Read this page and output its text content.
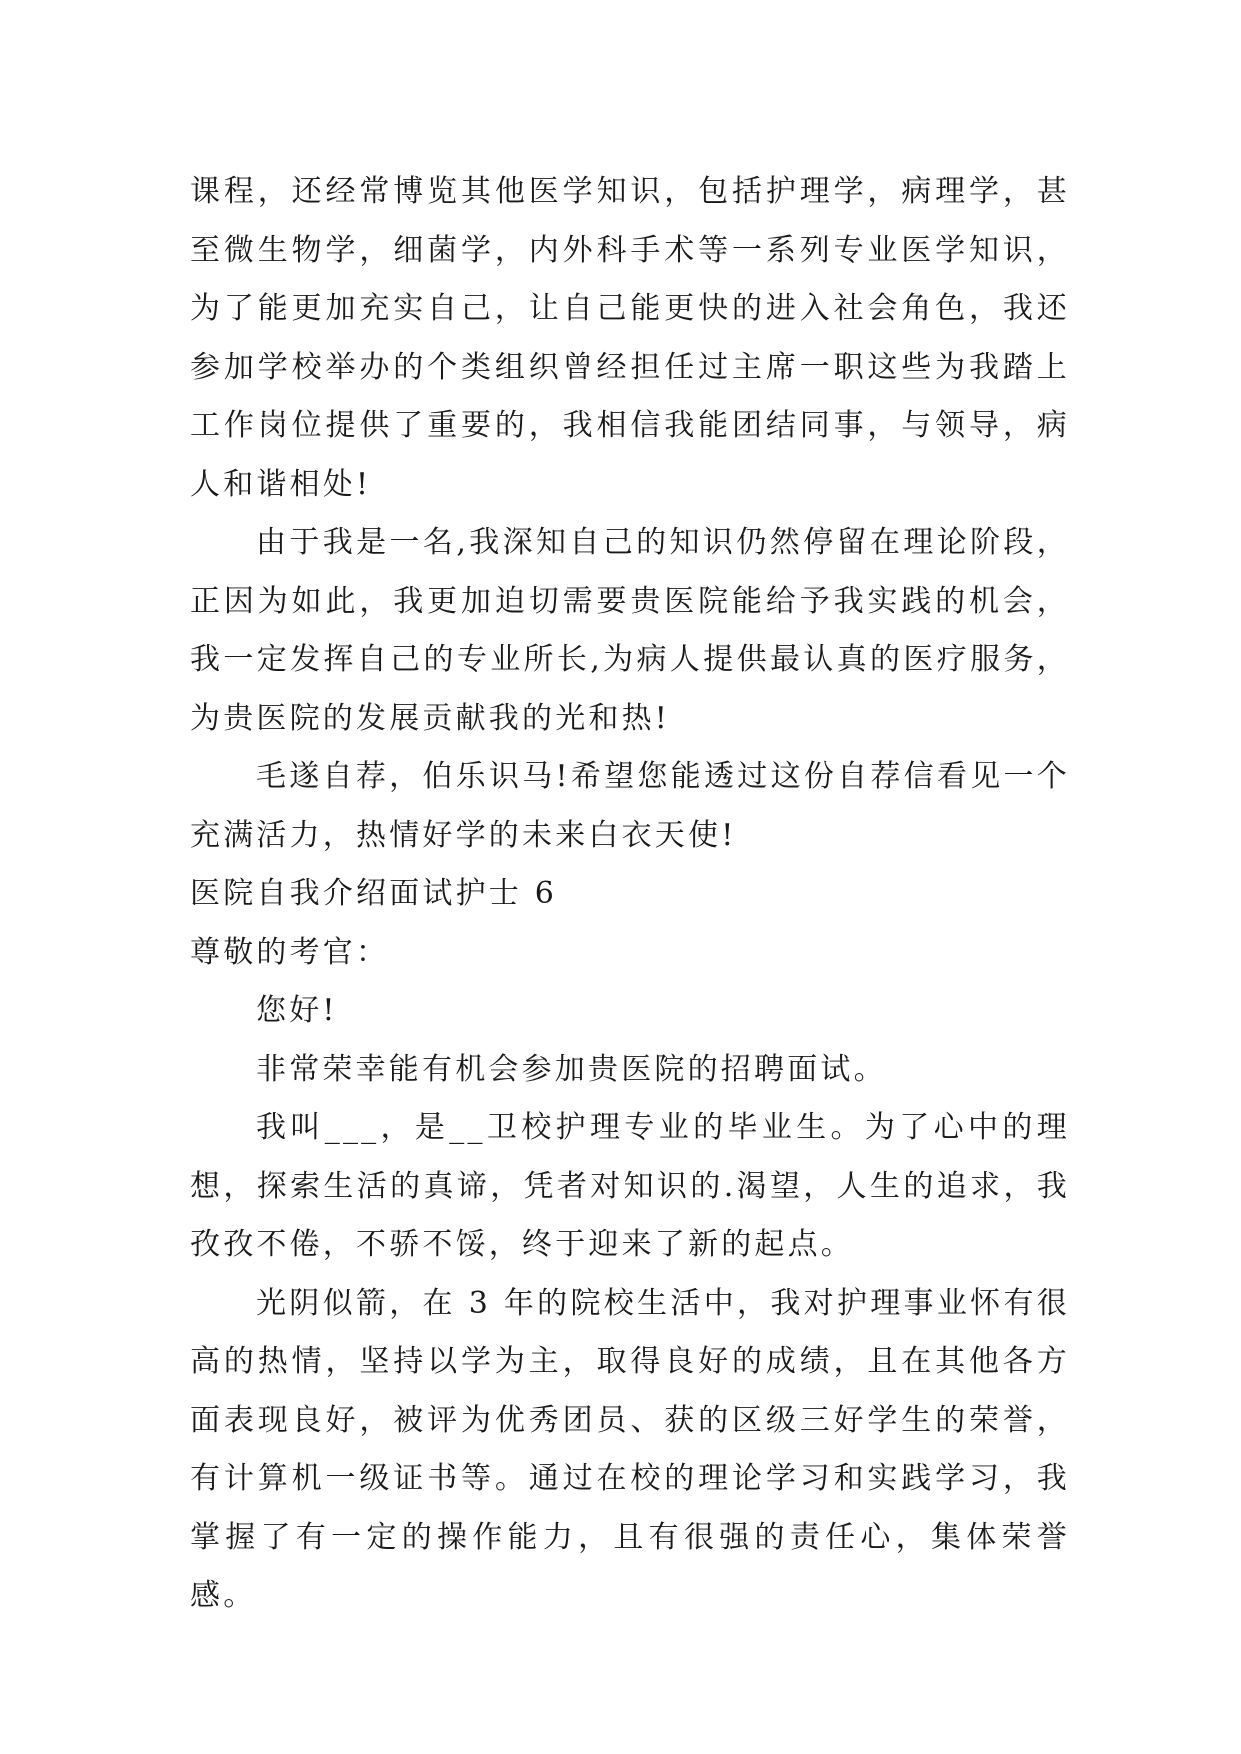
课程，还经常博览其他医学知识，包括护理学，病理学，甚至微生物学，细菌学，内外科手术等一系列专业医学知识，为了能更加充实自己，让自己能更快的进入社会角色，我还参加学校举办的个类组织曾经担任过主席一职这些为我踏上工作岗位提供了重要的，我相信我能团结同事，与领导，病人和谐相处!

由于我是一名,我深知自己的知识仍然停留在理论阶段，正因为如此，我更加迫切需要贵医院能给予我实践的机会，我一定发挥自己的专业所长,为病人提供最认真的医疗服务，为贵医院的发展贡献我的光和热!

毛遂自荐，伯乐识马!希望您能透过这份自荐信看见一个充满活力，热情好学的未来白衣天使!

医院自我介绍面试护士 6

尊敬的考官：

您好!

非常荣幸能有机会参加贵医院的招聘面试。

我叫___，是__卫校护理专业的毕业生。为了心中的理想，探索生活的真谛，凭者对知识的.渴望，人生的追求，我孜孜不倦，不骄不馁，终于迎来了新的起点。

光阴似箭，在 3 年的院校生活中，我对护理事业怀有很高的热情，坚持以学为主，取得良好的成绩，且在其他各方面表现良好，被评为优秀团员、获的区级三好学生的荣誉，有计算机一级证书等。通过在校的理论学习和实践学习，我掌握了有一定的操作能力，且有很强的责任心，集体荣誉感。
